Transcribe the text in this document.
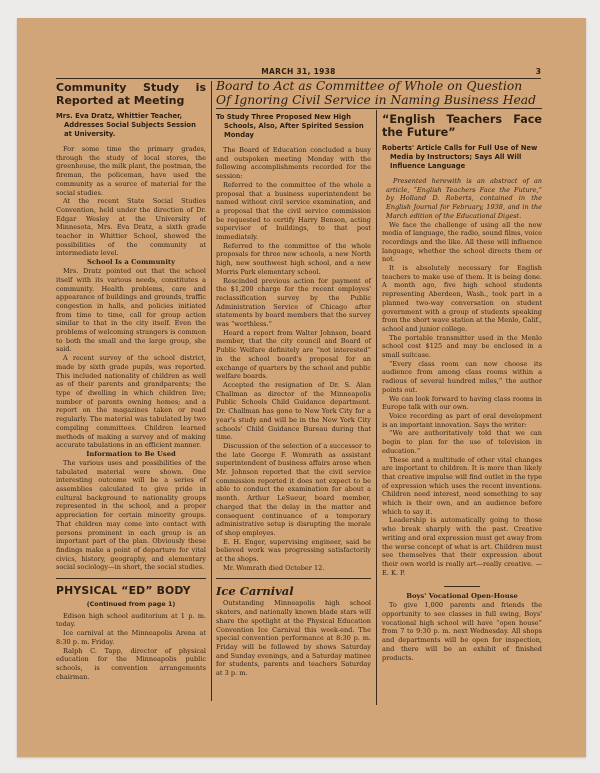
MARCH 31, 1938	3
Board to Act as Committee of Whole on Question
Of Ignoring Civil Service in Naming Business Head
Community Study is Reported at Meeting
Mrs. Eva Dratz, Whittier Teacher, Addresses Social Subjects Session at University.

For some time the primary grades, through the study of local stores, the greenhouse, the milk plant, the postman, the fireman, the policeman, have used the community as a source of material for the social studies.

At the recent State Social Studies Convention, held under the direction of Dr. Edgar Wesley at the University of Minnesota, Mrs. Eva Dratz, a sixth grade teacher in Whittier School, showed the possibilities of the community at intermediate level.

School Is a Community

Mrs. Dratz pointed out that the school itself with its various needs, constitutes a community. Health problems, care and appearance of buildings and grounds, traffic congestion in halls, and policies initiated from time to time, call for group action similar to that in the city itself. Even the problems of welcoming strangers is common to both the small and the large group, she said.

A recent survey of the school district, made by sixth grade pupils, was reported. This included nationality of children as well as of their parents and grandparents; the type of dwelling in which children live; number of parents owning homes; and a report on the magazines taken or read regularly. The material was tabulated by two compiling committees. Children learned methods of making a survey and of making accurate tabulations in an efficient manner.

Information to Be Used

The various uses and possibilities of the tabulated material were shown. One interesting outcome will be a series of assemblies calculated to give pride in cultural background to nationality groups represented in the school, and a proper appreciation for certain minority groups. That children may come into contact with persons prominent in each group is an important part of the plan. Obviously these findings make a point of departure for vital civics, history, geography, and elementary social sociology—in short, the social studies.

PHYSICAL “ED” BODY
(Continued from page 1)

Edison high school auditorium at 1 p. m. today.

Ice carnival at the Minneapolis Arena at 8:30 p. m. Friday.

Ralph C. Tapp, director of physical education for the Minneapolis public schools, is convention arrangements chairman.

To Study Three Proposed New High Schools, Also, After Spirited Session Monday

The Board of Education concluded a busy and outspoken meeting Monday with the following accomplishments recorded for the session:

Referred to the committee of the whole a proposal that a business superintendent be named without civil service examination, and a proposal that the civil service commission be requested to certify Harry Benson, acting supervisor of buildings, to that post immediately.

Referred to the committee of the whole proposals for three new schools, a new North high, new southwest high school, and a new Morris Park elementary school.

Rescinded previous action for payment of the $1,200 charge for the recent employes' reclassification survey by the Public Administration Service of Chicago after statements by board members that the survey was “worthless.”

Heard a report from Walter Johnson, board member, that the city council and Board of Public Welfare definitely are “not interested” in the school board's proposal for an exchange of quarters by the school and public welfare boards.

Accepted the resignation of Dr. S. Alan Challman as director of the Minneapolis Public Schools Child Guidance department. Dr. Challman has gone to New York City for a year's study and will be in the New York City schools' Child Guidance Bureau during that time.

Discussion of the selection of a successor to the late George F. Womrath as assistant superintendent of business affairs arose when Mr. Johnson reported that the civil service commission reported it does not expect to be able to conduct the examination for about a month. Arthur LeSueur, board member, charged that the delay in the matter and consequent continuance of a temporary administrative setup is disrupting the morale of shop employes.

E. H. Enger, supervising engineer, said he believed work was progressing satisfactorily at the shops.

Mr. Womrath died October 12.

Ice Carnival

Outstanding Minneapolis high school skaters, and nationally known blade stars will share the spotlight at the Physical Education Convention Ice Carnival this week-end. The special convention performance at 8:30 p. m. Friday will be followed by shows Saturday and Sunday evenings, and a Saturday matinee for students, parents and teachers Saturday at 3 p. m.

“English Teachers Face the Future”
Roberts' Article Calls for Full Use of New Media by Instructors; Says All Will Influence Language

Presented herewith is an abstract of an article, “English Teachers Face the Future,” by Holland D. Roberts, contained in the English Journal for February, 1938, and in the March edition of the Educational Digest.

We face the challenge of using all the new media of language, the radio, sound films, voice recordings and the like. All these will influence language, whether the school directs them or not.

It is absolutely necessary for English teachers to make use of them. It is being done. A month ago, five high school students representing Aberdeen, Wash., took part in a planned two-way conversation on student government with a group of students speaking from the short wave station at the Menlo, Calif., school and junior college.

The portable transmitter used in the Menlo school cost $125 and may be enclosed in a small suitcase.

“Every class room can now choose its audience from among class rooms within a radious of several hundred miles,” the author points out.

We can look forward to having class rooms in Europe talk with our own.

Voice recording as part of oral development is an important innovation. Says the writer:

“We are authoritatively told that we can begin to plan for the use of television in education.”

These and a multitude of other vital changes are important to children. It is more than likely that creative impulse will find outlet in the type of expression which uses the recent inventions. Children need interest, need something to say which is their own, and an audience before which to say it.

Leadership is automatically going to those who break sharply with the past. Creative writing and oral expression must get away from the worse concept of what is art. Children must see themselves that their expression about their own world is really art—really creative. —E. K. P.

Boys' Vocational Open-House

To give 1,000 parents and friends the opportunity to see classes in full swing, Boys' vocational high school will have “open house” from 7 to 9:30 p. m. next Wednesday. All shops and departments will be open for inspection, and there will be an exhibit of finished products.
